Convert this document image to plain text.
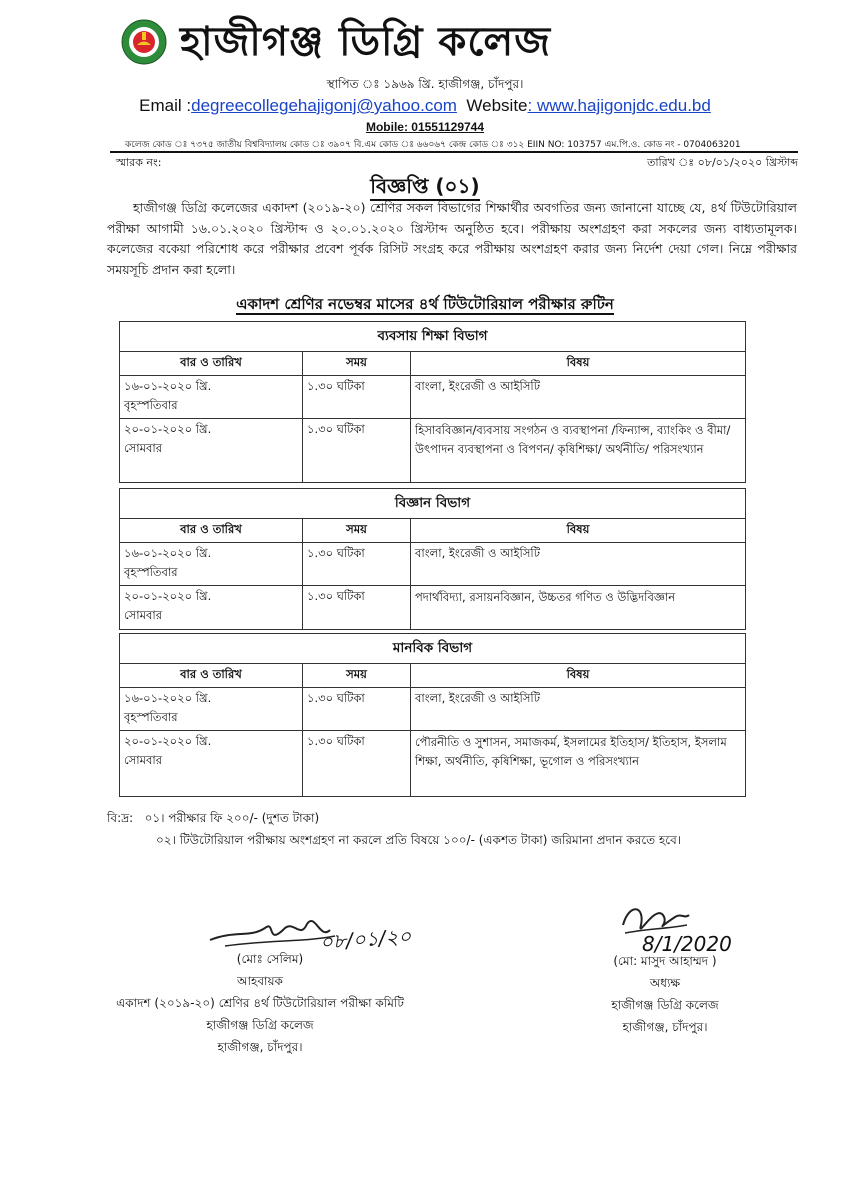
হাজীগঞ্জ ডিগ্রি কলেজ
স্থাপিত ঃ ১৯৬৯ খ্রি. হাজীগঞ্জ, চাঁদপুর।
Email :degreecollegehajigonj@yahoo.com Website: www.hajigonjdc.edu.bd
Mobile: 01551129744
কলেজ কোড ঃ ৭৩৭৫ জাতীয় বিশ্ববিদ্যালয় কোড ঃ ৩৯০৭ বি.এম কোড ঃ ৬৬০৬৭ কেন্দ্র কোড ঃ ৩১২ EIIN NO: 103757 এম.পি.ও. কোড নং - 0704063201
স্মারক নং:	তারিখ ঃ ০৮/০১/২০২০ খ্রিস্টাব্দ
বিজ্ঞপ্তি (০১)
হাজীগঞ্জ ডিগ্রি কলেজের একাদশ (২০১৯-২০) শ্রেণির সকল বিভাগের শিক্ষার্থীর অবগতির জন্য জানানো যাচ্ছে যে, ৪র্থ টিউটোরিয়াল পরীক্ষা আগামী ১৬.০১.২০২০ খ্রিস্টাব্দ ও ২০.০১.২০২০ খ্রিস্টাব্দ অনুষ্ঠিত হবে। পরীক্ষায় অংশগ্রহণ করা সকলের জন্য বাধ্যতামূলক। কলেজের বকেয়া পরিশোধ করে পরীক্ষার প্রবেশ পূর্বক রিসিট সংগ্রহ করে পরীক্ষায় অংশগ্রহণ করার জন্য নির্দেশ দেয়া গেল। নিম্নে পরীক্ষার সময়সূচি প্রদান করা হলো।
একাদশ শ্রেণির নভেম্বর মাসের ৪র্থ টিউটোরিয়াল পরীক্ষার রুটিন
ব্যবসায় শিক্ষা বিভাগ		
বার ও তারিখ	সময়	বিষয়

১৬-০১-২০২০ খ্রি.
বৃহস্পতিবার	১.৩০ ঘটিকা	বাংলা, ইংরেজী ও আইসিটি

২০-০১-২০২০ খ্রি.
সোমবার	১.৩০ ঘটিকা	হিসাববিজ্ঞান/ব্যবসায় সংগঠন ও ব্যবস্থাপনা /ফিন্যান্স, ব্যাংকিং ও বীমা/ উৎপাদন ব্যবস্থাপনা ও বিপণন/ কৃষিশিক্ষা/ অর্থনীতি/ পরিসংখ্যান
বিজ্ঞান বিভাগ		
বার ও তারিখ	সময়	বিষয়

১৬-০১-২০২০ খ্রি.
বৃহস্পতিবার	১.৩০ ঘটিকা	বাংলা, ইংরেজী ও আইসিটি

২০-০১-২০২০ খ্রি.
সোমবার	১.৩০ ঘটিকা	পদার্থবিদ্যা, রসায়নবিজ্ঞান, উচ্চতর গণিত ও উদ্ভিদবিজ্ঞান
মানবিক বিভাগ		
বার ও তারিখ	সময়	বিষয়

১৬-০১-২০২০ খ্রি.
বৃহস্পতিবার	১.৩০ ঘটিকা	বাংলা, ইংরেজী ও আইসিটি

২০-০১-২০২০ খ্রি.
সোমবার	১.৩০ ঘটিকা	পৌরনীতি ও সুশাসন, সমাজকর্ম, ইসলামের ইতিহাস/ ইতিহাস, ইসলাম শিক্ষা, অর্থনীতি, কৃষিশিক্ষা, ভূগোল ও পরিসংখ্যান
বি:দ্র: ০১। পরীক্ষার ফি ২০০/- (দুশত টাকা)
০২। টিউটোরিয়াল পরীক্ষায় অংশগ্রহণ না করলে প্রতি বিষয়ে ১০০/- (একশত টাকা) জরিমানা প্রদান করতে হবে।
০৮/০১/২০
(মোঃ সেলিম)
আহবায়ক
একাদশ (২০১৯-২০) শ্রেণির ৪র্থ টিউটোরিয়াল পরীক্ষা কমিটি
হাজীগঞ্জ ডিগ্রি কলেজ
হাজীগঞ্জ, চাঁদপুর।
8/1/2020
(মো: মাসুদ আহাম্মদ )
অধ্যক্ষ
হাজীগঞ্জ ডিগ্রি কলেজ
হাজীগঞ্জ, চাঁদপুর।
